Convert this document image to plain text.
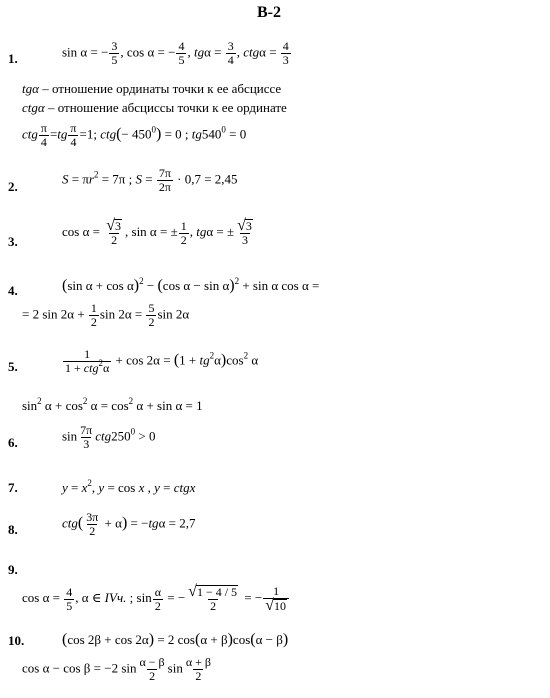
В-2
1.	sin α = − $\frac{3}{5}$ , cos α = − $\frac{4}{5}$ , $tg\alpha = \frac{3}{4}$ , $ctg\alpha = \frac{4}{3}$
tgα – отношение ординаты точки к ее абсциссе
ctgα – отношение абсциссы точки к ее ординате
ctg $\frac{\pi}{4} =tg \frac{\pi}{4} =1$; $ctg(- 450^0) = 0$ ; $tg540^0 = 0$
2.
$S = \pi r^2 = 7\pi$ ; $S = \frac{7\pi}{2\pi} \cdot 0,7 = 2,45$
3.
$\cos \alpha = \frac{√ 3}{2}$ , sin α = ± $\frac{1}{2}$ , tgα = ± $\frac{√ 3}{3}$
4.	(sin α + cos α)$^2$ − (cos α − sin α)$^2$ + sin α cos α =
= 2 $\sin 2\alpha + \frac{1}{2}$ $\sin 2\alpha = \frac{5}{2}$ sin 2α
5.
1
1 + ctg$^2$α
+ $\cos 2\alpha = (1 + tg^2\alpha)\cos^2$ α
$\sin^2 \alpha + \cos^2 \alpha = \cos^2 \alpha + \sin \alpha = 1$
6.	$\sin \frac{7\pi}{3} ctg250^0 > 0$
7.	$y = x^2$, y = cos x , y = ctgx
8.	$ctg( \frac{3\pi}{2} + \alpha) = -tg\alpha = 2,7$
9.
$\cos \alpha = \frac{4}{5}$ , α ∈ IVч. ; $\sin \frac{\alpha}{2}$ = − $\frac{√ 1 - 4 / 5}{2}$ = − $\frac{1}{√ 10}$
10. (cos 2β + cos 2α) = 2 cos(α + β)cos(α − β)
cos α − cos β = −2 $\sin \frac{\alpha - \beta}{2}$ $\sin \frac{\alpha + \beta}{2}$
